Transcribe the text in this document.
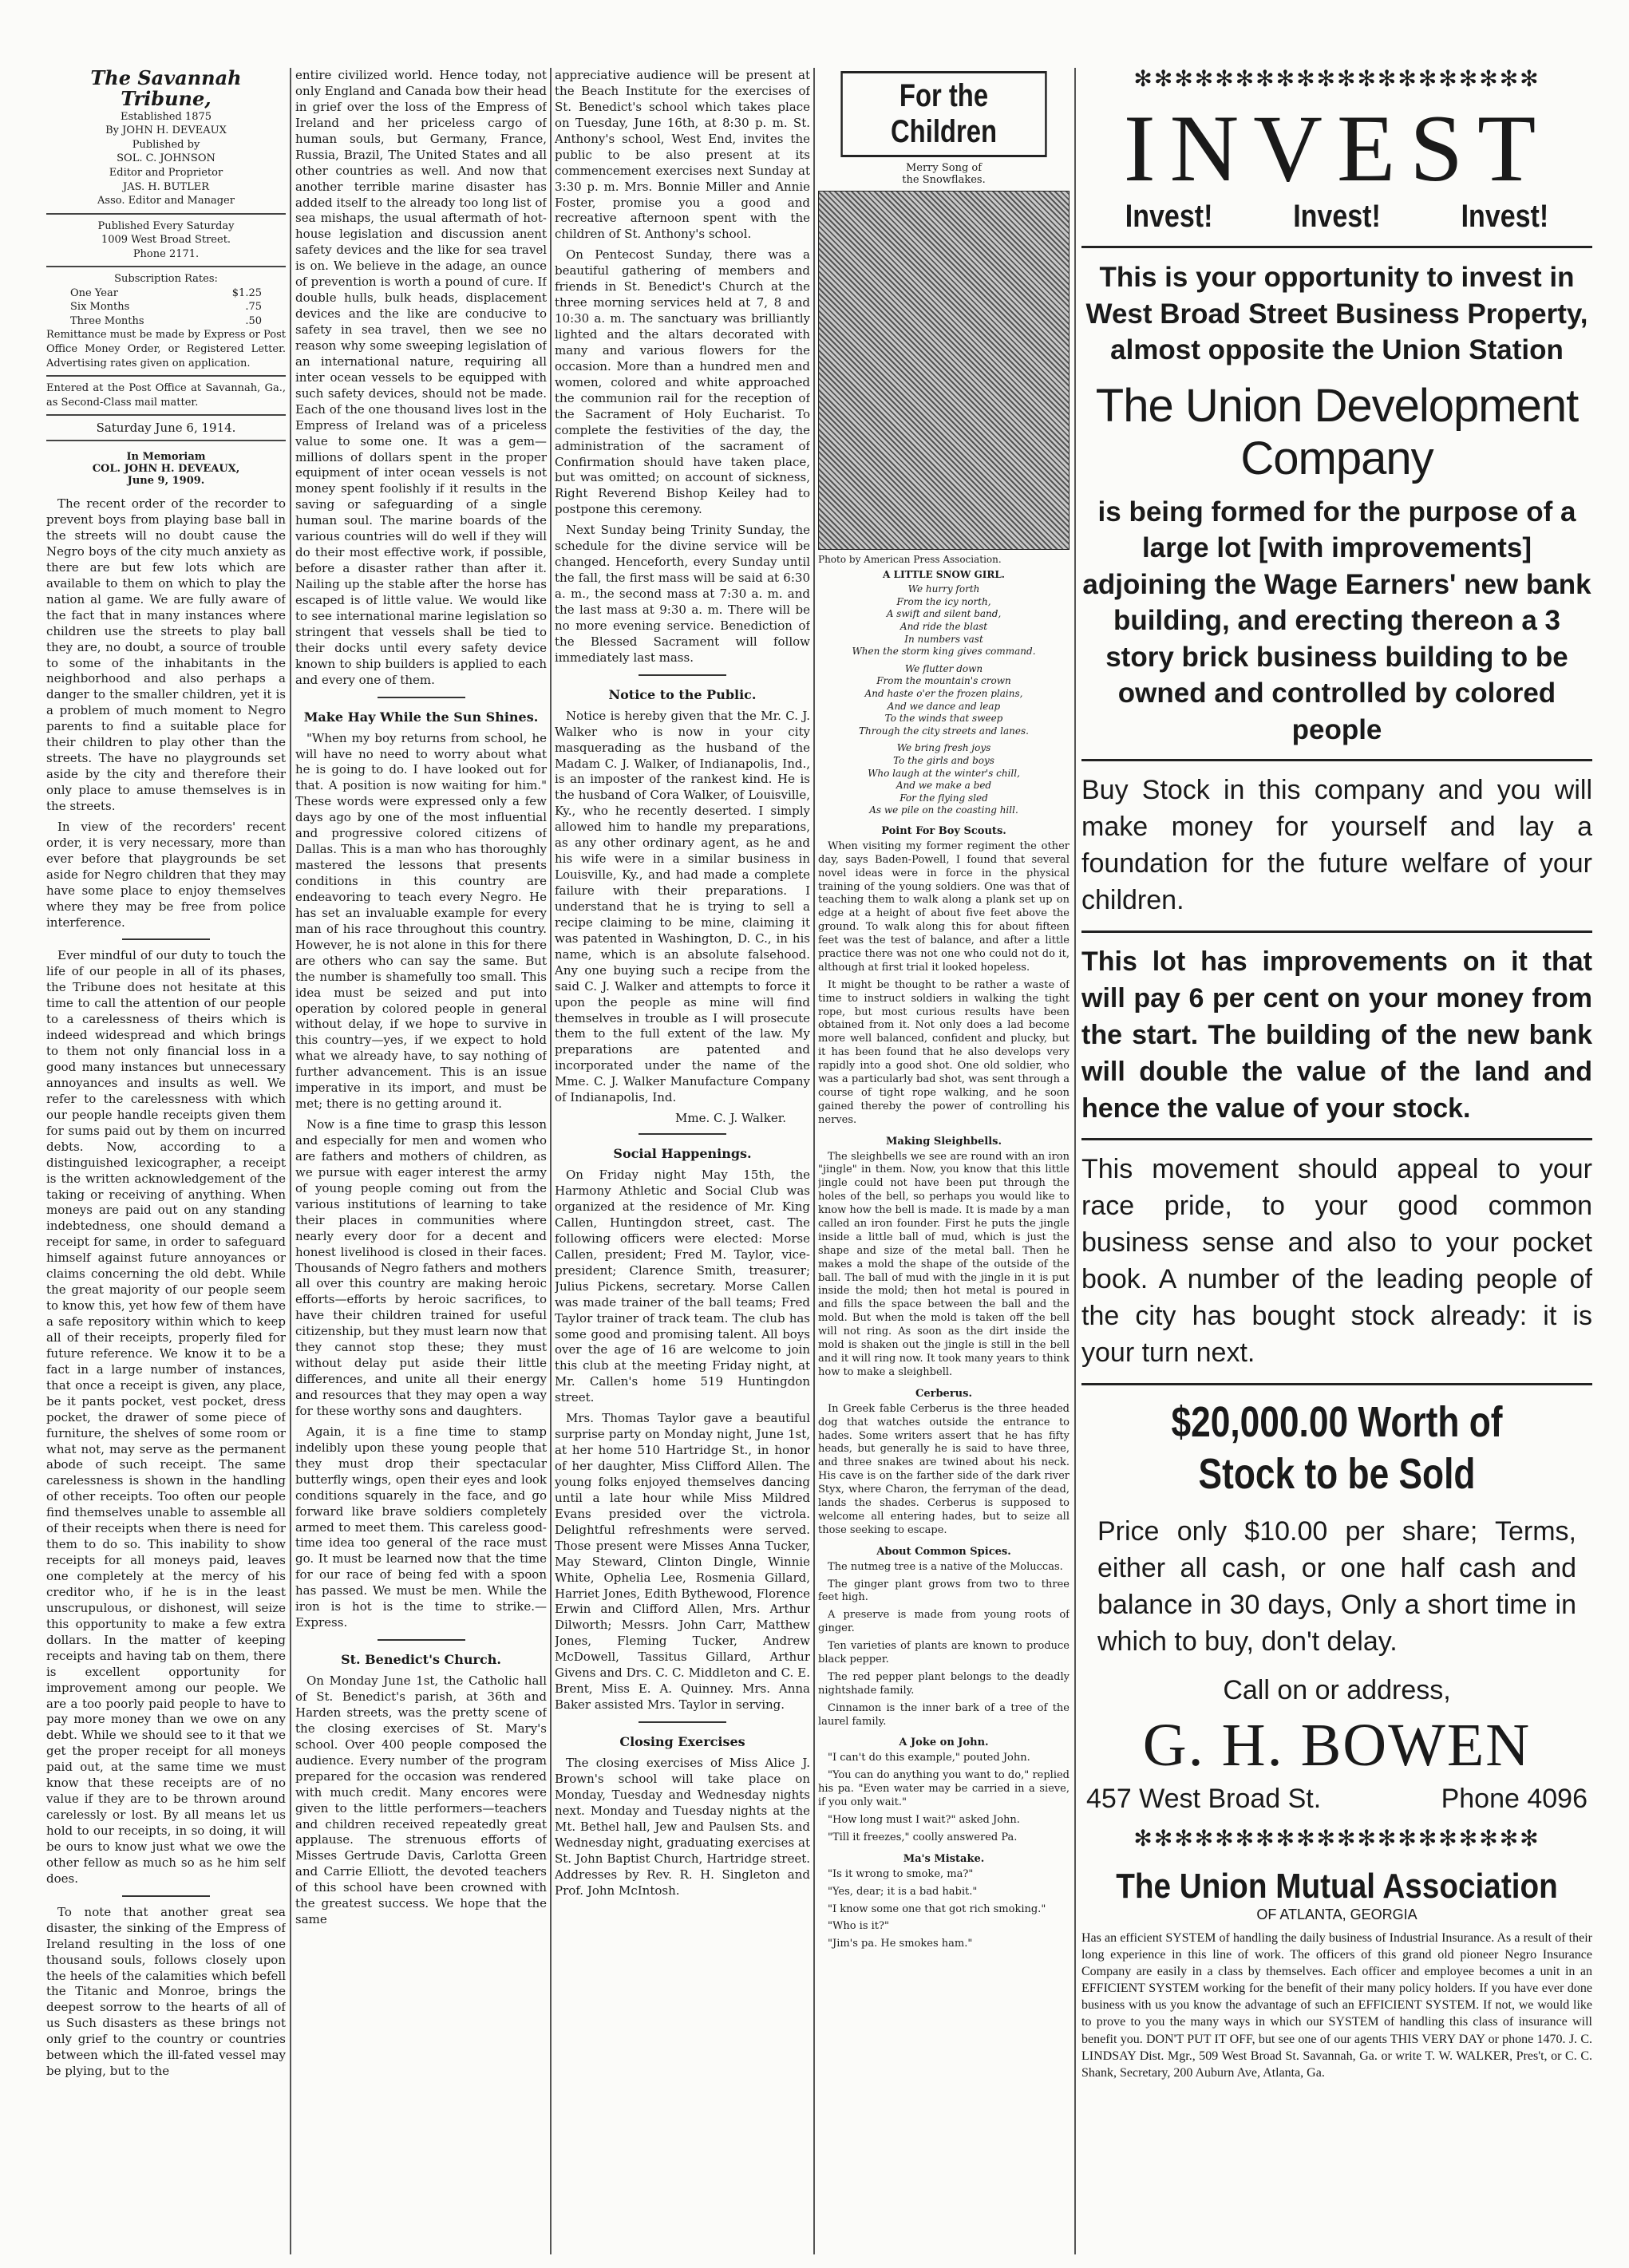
The Savannah Tribune,
Established 1875
By JOHN H. DEVEAUX
Published by
SOL. C. JOHNSON
Editor and Proprietor
JAS. H. BUTLER
Asso. Editor and Manager
Published Every Saturday
1009 West Broad Street.
Phone 2171.
Subscription Rates:
One Year	$1.25
Six Months	.75
Three Months	.50
Remittance must be made by Express or Post Office Money Order, or Registered Letter. Advertising rates given on application.
Entered at the Post Office at Savannah, Ga., as Second-Class mail matter.
Saturday June 6, 1914.
In Memoriam
COL. JOHN H. DEVEAUX,
June 9, 1909.

The recent order of the recorder to prevent boys from playing base ball in the streets will no doubt cause the Negro boys of the city much anxiety as there are but few lots which are available to them on which to play the nation al game. We are fully aware of the fact that in many instances where children use the streets to play ball they are, no doubt, a source of trouble to some of the inhabitants in the neighborhood and also perhaps a danger to the smaller children, yet it is a problem of much moment to Negro parents to find a suitable place for their children to play other than the streets. The have no playgrounds set aside by the city and therefore their only place to amuse themselves is in the streets.

In view of the recorders' recent order, it is very necessary, more than ever before that playgrounds be set aside for Negro children that they may have some place to enjoy themselves where they may be free from police interference.

Ever mindful of our duty to touch the life of our people in all of its phases, the Tribune does not hesitate at this time to call the attention of our people to a carelessness of theirs which is indeed widespread and which brings to them not only financial loss in a good many instances but unnecessary annoyances and insults as well. We refer to the carelessness with which our people handle receipts given them for sums paid out by them on incurred debts. Now, according to a distinguished lexicographer, a receipt is the written acknowledgement of the taking or receiving of anything. When moneys are paid out on any standing indebtedness, one should demand a receipt for same, in order to safeguard himself against future annoyances or claims concerning the old debt. While the great majority of our people seem to know this, yet how few of them have a safe repository within which to keep all of their receipts, properly filed for future reference. We know it to be a fact in a large number of instances, that once a receipt is given, any place, be it pants pocket, vest pocket, dress pocket, the drawer of some piece of furniture, the shelves of some room or what not, may serve as the permanent abode of such receipt. The same carelessness is shown in the handling of other receipts. Too often our people find themselves unable to assemble all of their receipts when there is need for them to do so. This inability to show receipts for all moneys paid, leaves one completely at the mercy of his creditor who, if he is in the least unscrupulous, or dishonest, will seize this opportunity to make a few extra dollars. In the matter of keeping receipts and having tab on them, there is excellent opportunity for improvement among our people. We are a too poorly paid people to have to pay more money than we owe on any debt. While we should see to it that we get the proper receipt for all moneys paid out, at the same time we must know that these receipts are of no value if they are to be thrown around carelessly or lost. By all means let us hold to our receipts, in so doing, it will be ours to know just what we owe the other fellow as much so as he him self does.

To note that another great sea disaster, the sinking of the Empress of Ireland resulting in the loss of one thousand souls, follows closely upon the heels of the calamities which befell the Titanic and Monroe, brings the deepest sorrow to the hearts of all of us Such disasters as these brings not only grief to the country or countries between which the ill-fated vessel may be plying, but to the

entire civilized world. Hence today, not only England and Canada bow their head in grief over the loss of the Empress of Ireland and her priceless cargo of human souls, but Germany, France, Russia, Brazil, The United States and all other countries as well. And now that another terrible marine disaster has added itself to the already too long list of sea mishaps, the usual aftermath of hot-house legislation and discussion anent safety devices and the like for sea travel is on. We believe in the adage, an ounce of prevention is worth a pound of cure. If double hulls, bulk heads, displacement devices and the like are conducive to safety in sea travel, then we see no reason why some sweeping legislation of an international nature, requiring all inter ocean vessels to be equipped with such safety devices, should not be made. Each of the one thousand lives lost in the Empress of Ireland was of a priceless value to some one. It was a gem—millions of dollars spent in the proper equipment of inter ocean vessels is not money spent foolishly if it results in the saving or safeguarding of a single human soul. The marine boards of the various countries will do well if they will do their most effective work, if possible, before a disaster rather than after it. Nailing up the stable after the horse has escaped is of little value. We would like to see international marine legislation so stringent that vessels shall be tied to their docks until every safety device known to ship builders is applied to each and every one of them.

Make Hay While the Sun Shines.

"When my boy returns from school, he will have no need to worry about what he is going to do. I have looked out for that. A position is now waiting for him." These words were expressed only a few days ago by one of the most influential and progressive colored citizens of Dallas. This is a man who has thoroughly mastered the lessons that presents conditions in this country are endeavoring to teach every Negro. He has set an invaluable example for every man of his race throughout this country. However, he is not alone in this for there are others who can say the same. But the number is shamefully too small. This idea must be seized and put into operation by colored people in general without delay, if we hope to survive in this country—yes, if we expect to hold what we already have, to say nothing of further advancement. This is an issue imperative in its import, and must be met; there is no getting around it.

Now is a fine time to grasp this lesson and especially for men and women who are fathers and mothers of children, as we pursue with eager interest the army of young people coming out from the various institutions of learning to take their places in communities where nearly every door for a decent and honest livelihood is closed in their faces. Thousands of Negro fathers and mothers all over this country are making heroic efforts—efforts by heroic sacrifices, to have their children trained for useful citizenship, but they must learn now that they cannot stop these; they must without delay put aside their little differences, and unite all their energy and resources that they may open a way for these worthy sons and daughters.

Again, it is a fine time to stamp indelibly upon these young people that they must drop their spectacular butterfly wings, open their eyes and look conditions squarely in the face, and go forward like brave soldiers completely armed to meet them. This careless good-time idea too general of the race must go. It must be learned now that the time for our race of being fed with a spoon has passed. We must be men. While the iron is hot is the time to strike.—Express.

St. Benedict's Church.

On Monday June 1st, the Catholic hall of St. Benedict's parish, at 36th and Harden streets, was the pretty scene of the closing exercises of St. Mary's school. Over 400 people composed the audience. Every number of the program prepared for the occasion was rendered with much credit. Many encores were given to the little performers—teachers and children received repeatedly great applause. The strenuous efforts of Misses Gertrude Davis, Carlotta Green and Carrie Elliott, the devoted teachers of this school have been crowned with the greatest success. We hope that the same

appreciative audience will be present at the Beach Institute for the exercises of St. Benedict's school which takes place on Tuesday, June 16th, at 8:30 p. m. St. Anthony's school, West End, invites the public to be also present at its commencement exercises next Sunday at 3:30 p. m. Mrs. Bonnie Miller and Annie Foster, promise you a good and recreative afternoon spent with the children of St. Anthony's school.

On Pentecost Sunday, there was a beautiful gathering of members and friends in St. Benedict's Church at the three morning services held at 7, 8 and 10:30 a. m. The sanctuary was brilliantly lighted and the altars decorated with many and various flowers for the occasion. More than a hundred men and women, colored and white approached the communion rail for the reception of the Sacrament of Holy Eucharist. To complete the festivities of the day, the administration of the sacrament of Confirmation should have taken place, but was omitted; on account of sickness, Right Reverend Bishop Keiley had to postpone this ceremony.

Next Sunday being Trinity Sunday, the schedule for the divine service will be changed. Henceforth, every Sunday until the fall, the first mass will be said at 6:30 a. m., the second mass at 7:30 a. m. and the last mass at 9:30 a. m. There will be no more evening service. Benediction of the Blessed Sacrament will follow immediately last mass.

Notice to the Public.

Notice is hereby given that the Mr. C. J. Walker who is now in your city masquerading as the husband of the Madam C. J. Walker, of Indianapolis, Ind., is an imposter of the rankest kind. He is the husband of Cora Walker, of Louisville, Ky., who he recently deserted. I simply allowed him to handle my preparations, as any other ordinary agent, as he and his wife were in a similar business in Louisville, Ky., and had made a complete failure with their preparations. I understand that he is trying to sell a recipe claiming to be mine, claiming it was patented in Washington, D. C., in his name, which is an absolute falsehood. Any one buying such a recipe from the said C. J. Walker and attempts to force it upon the people as mine will find themselves in trouble as I will prosecute them to the full extent of the law. My preparations are patented and incorporated under the name of the Mme. C. J. Walker Manufacture Company of Indianapolis, Ind.

Mme. C. J. Walker.
Social Happenings.

On Friday night May 15th, the Harmony Athletic and Social Club was organized at the residence of Mr. King Callen, Huntingdon street, cast. The following officers were elected: Morse Callen, president; Fred M. Taylor, vice-president; Clarence Smith, treasurer; Julius Pickens, secretary. Morse Callen was made trainer of the ball teams; Fred Taylor trainer of track team. The club has some good and promising talent. All boys over the age of 16 are welcome to join this club at the meeting Friday night, at Mr. Callen's home 519 Huntingdon street.

Mrs. Thomas Taylor gave a beautiful surprise party on Monday night, June 1st, at her home 510 Hartridge St., in honor of her daughter, Miss Clifford Allen. The young folks enjoyed themselves dancing until a late hour while Miss Mildred Evans presided over the victrola. Delightful refreshments were served. Those present were Misses Anna Tucker, May Steward, Clinton Dingle, Winnie White, Ophelia Lee, Rosmenia Gillard, Harriet Jones, Edith Bythewood, Florence Erwin and Clifford Allen, Mrs. Arthur Dilworth; Messrs. John Carr, Matthew Jones, Fleming Tucker, Andrew McDowell, Tassitus Gillard, Arthur Givens and Drs. C. C. Middleton and C. E. Brent, Miss E. A. Quinney. Mrs. Anna Baker assisted Mrs. Taylor in serving.

Closing Exercises

The closing exercises of Miss Alice J. Brown's school will take place on Monday, Tuesday and Wednesday nights next. Monday and Tuesday nights at the Mt. Bethel hall, Jew and Paulsen Sts. and Wednesday night, graduating exercises at St. John Baptist Church, Hartridge street. Addresses by Rev. R. H. Singleton and Prof. John McIntosh.

For the Children
Merry Song of the Snowflakes.
Photo by American Press Association.
A LITTLE SNOW GIRL.
We hurry forth
From the icy north,
A swift and silent band,
And ride the blast
In numbers vast
When the storm king gives command.
We flutter down
From the mountain's crown
And haste o'er the frozen plains,
And we dance and leap
To the winds that sweep
Through the city streets and lanes.
We bring fresh joys
To the girls and boys
Who laugh at the winter's chill,
And we make a bed
For the flying sled
As we pile on the coasting hill.
Point For Boy Scouts.

When visiting my former regiment the other day, says Baden-Powell, I found that several novel ideas were in force in the physical training of the young soldiers. One was that of teaching them to walk along a plank set up on edge at a height of about five feet above the ground. To walk along this for about fifteen feet was the test of balance, and after a little practice there was not one who could not do it, although at first trial it looked hopeless.

It might be thought to be rather a waste of time to instruct soldiers in walking the tight rope, but most curious results have been obtained from it. Not only does a lad become more well balanced, confident and plucky, but it has been found that he also develops very rapidly into a good shot. One old soldier, who was a particularly bad shot, was sent through a course of tight rope walking, and he soon gained thereby the power of controlling his nerves.

Making Sleighbells.

The sleighbells we see are round with an iron "jingle" in them. Now, you know that this little jingle could not have been put through the holes of the bell, so perhaps you would like to know how the bell is made. It is made by a man called an iron founder. First he puts the jingle inside a little ball of mud, which is just the shape and size of the metal ball. Then he makes a mold the shape of the outside of the ball. The ball of mud with the jingle in it is put inside the mold; then hot metal is poured in and fills the space between the ball and the mold. But when the mold is taken off the bell will not ring. As soon as the dirt inside the mold is shaken out the jingle is still in the bell and it will ring now. It took many years to think how to make a sleighbell.

Cerberus.

In Greek fable Cerberus is the three headed dog that watches outside the entrance to hades. Some writers assert that he has fifty heads, but generally he is said to have three, and three snakes are twined about his neck. His cave is on the farther side of the dark river Styx, where Charon, the ferryman of the dead, lands the shades. Cerberus is supposed to welcome all entering hades, but to seize all those seeking to escape.

About Common Spices.

The nutmeg tree is a native of the Moluccas.

The ginger plant grows from two to three feet high.

A preserve is made from young roots of ginger.

Ten varieties of plants are known to produce black pepper.

The red pepper plant belongs to the deadly nightshade family.

Cinnamon is the inner bark of a tree of the laurel family.

A Joke on John.

"I can't do this example," pouted John.

"You can do anything you want to do," replied his pa. "Even water may be carried in a sieve, if you only wait."

"How long must I wait?" asked John.

"Till it freezes," coolly answered Pa.

Ma's Mistake.

"Is it wrong to smoke, ma?"

"Yes, dear; it is a bad habit."

"I know some one that got rich smoking."

"Who is it?"

"Jim's pa. He smokes ham."

✻✻✻✻✻✻✻✻✻✻✻✻✻✻✻✻✻✻✻✻
INVEST
Invest!	Invest!	Invest!
This is your opportunity to invest in West Broad Street Business Property, almost opposite the Union Station
The Union Development Company
is being formed for the purpose of a large lot [with improvements] adjoining the Wage Earners' new bank building, and erecting thereon a 3 story brick business building to be owned and controlled by colored people
Buy Stock in this company and you will make money for yourself and lay a foundation for the future welfare of your children.
This lot has improvements on it that will pay 6 per cent on your money from the start. The building of the new bank will double the value of the land and hence the value of your stock.
This movement should appeal to your race pride, to your good common business sense and also to your pocket book. A number of the leading people of the city has bought stock already: it is your turn next.
$20,000.00 Worth of Stock to be Sold
Price only $10.00 per share; Terms, either all cash, or one half cash and balance in 30 days, Only a short time in which to buy, don't delay.
Call on or address,
G. H. BOWEN
457 West Broad St.	Phone 4096
✻✻✻✻✻✻✻✻✻✻✻✻✻✻✻✻✻✻✻✻
The Union Mutual Association
OF ATLANTA, GEORGIA
Has an efficient SYSTEM of handling the daily business of Industrial Insurance. As a result of their long experience in this line of work. The officers of this grand old pioneer Negro Insurance Company are easily in a class by themselves. Each officer and employee becomes a unit in an EFFICIENT SYSTEM working for the benefit of their many policy holders. If you have ever done business with us you know the advantage of such an EFFICIENT SYSTEM. If not, we would like to prove to you the many ways in which our SYSTEM of handling this class of insurance will benefit you. DON'T PUT IT OFF, but see one of our agents THIS VERY DAY or phone 1470. J. C. LINDSAY Dist. Mgr., 509 West Broad St. Savannah, Ga. or write T. W. WALKER, Pres't, or C. C. Shank, Secretary, 200 Auburn Ave, Atlanta, Ga.
